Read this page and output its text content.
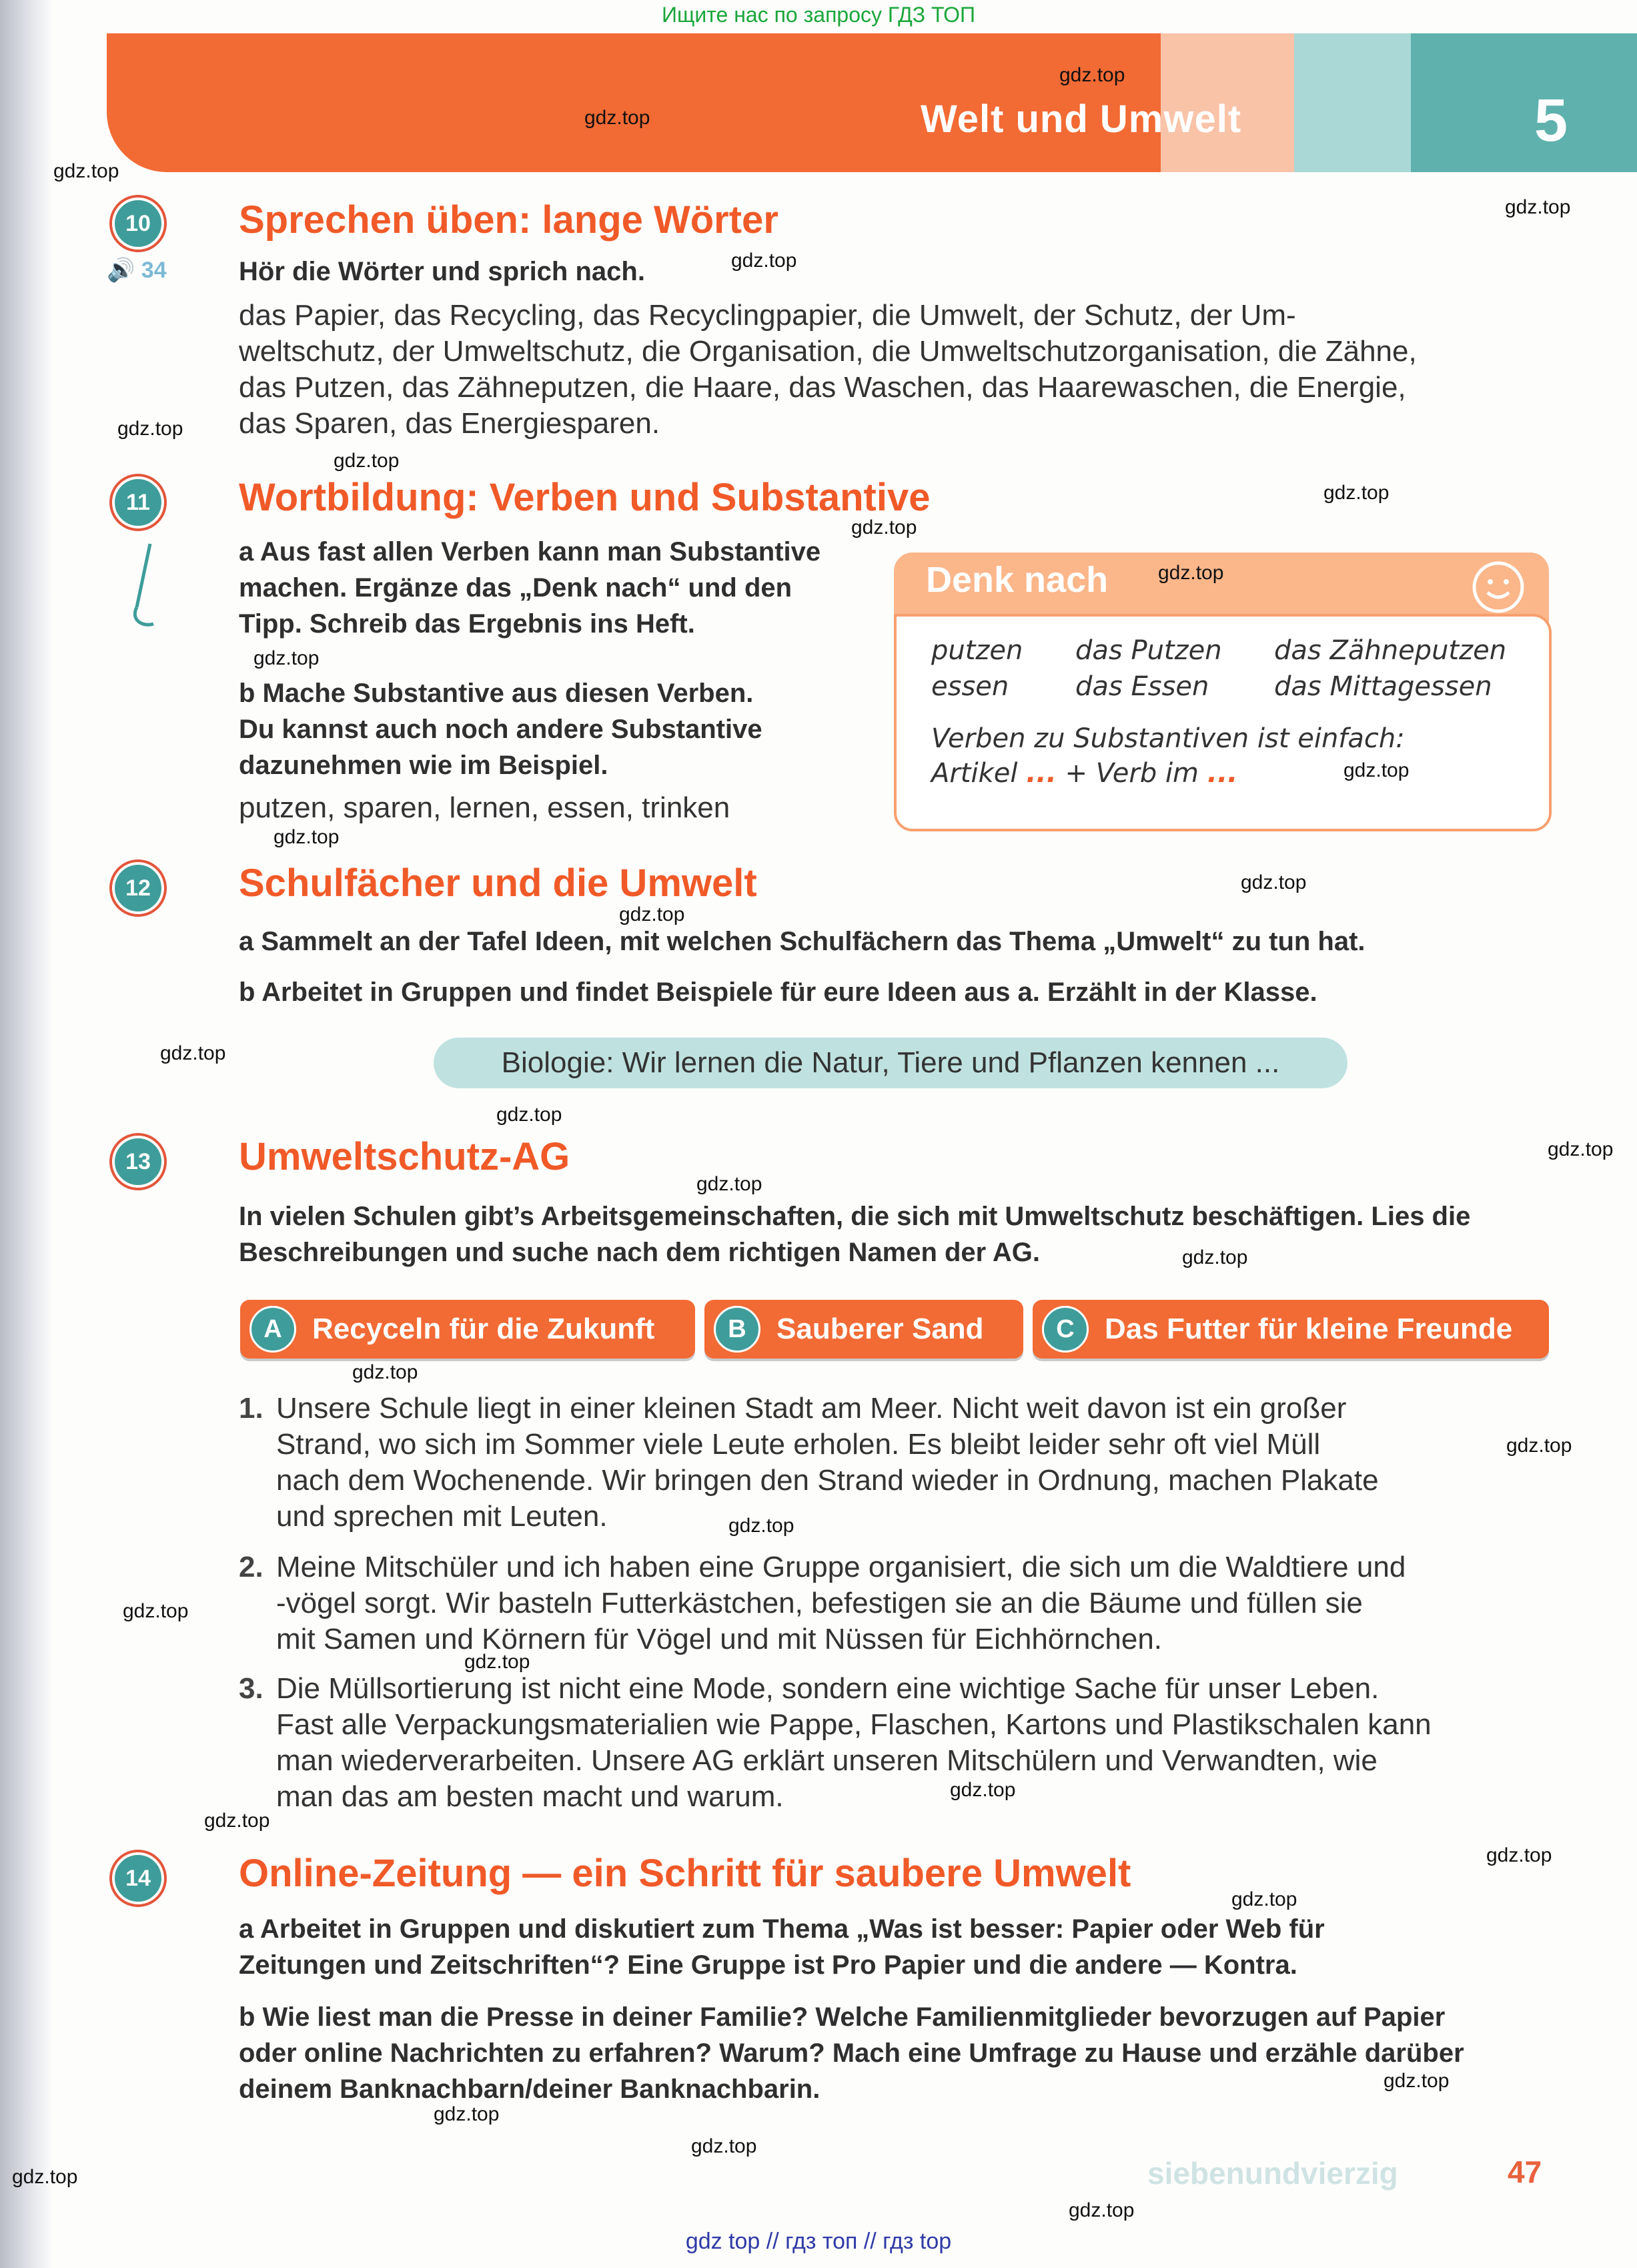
Ищите нас по запросу ГДЗ ТОП
Welt und Umwelt	5
10	Sprechen üben: lange Wörter
🔊 34	Hör die Wörter und sprich nach.
das Papier, das Recycling, das Recyclingpapier, die Umwelt, der Schutz, der Um-
weltschutz, der Umweltschutz, die Organisation, die Umweltschutzorganisation, die Zähne,
das Putzen, das Zähneputzen, die Haare, das Waschen, das Haarewaschen, die Energie,
das Sparen, das Energiesparen.
11	Wortbildung: Verben und Substantive
a Aus fast allen Verben kann man Substantive
machen. Ergänze das „Denk nach“ und den
Tipp. Schreib das Ergebnis ins Heft.
b Mache Substantive aus diesen Verben.
Du kannst auch noch andere Substantive
dazunehmen wie im Beispiel.
putzen, sparen, lernen, essen, trinken
Denk nach
putzen das Putzen das Zähneputzen
essen das Essen das Mittagessen
Verben zu Substantiven ist einfach:
Artikel ... + Verb im ...
12	Schulfächer und die Umwelt
a Sammelt an der Tafel Ideen, mit welchen Schulfächern das Thema „Umwelt“ zu tun hat.
b Arbeitet in Gruppen und findet Beispiele für eure Ideen aus a. Erzählt in der Klasse.
Biologie: Wir lernen die Natur, Tiere und Pflanzen kennen ...
13	Umweltschutz-AG
In vielen Schulen gibt’s Arbeitsgemeinschaften, die sich mit Umweltschutz beschäftigen. Lies die
Beschreibungen und suche nach dem richtigen Namen der AG.
A	Recyceln für die Zukunft	B	Sauberer Sand	C	Das Futter für kleine Freunde
1. Unsere Schule liegt in einer kleinen Stadt am Meer. Nicht weit davon ist ein großer
Strand, wo sich im Sommer viele Leute erholen. Es bleibt leider sehr oft viel Müll
nach dem Wochenende. Wir bringen den Strand wieder in Ordnung, machen Plakate
und sprechen mit Leuten.
2. Meine Mitschüler und ich haben eine Gruppe organisiert, die sich um die Waldtiere und
-vögel sorgt. Wir basteln Futterkästchen, befestigen sie an die Bäume und füllen sie
mit Samen und Körnern für Vögel und mit Nüssen für Eichhörnchen.
3. Die Müllsortierung ist nicht eine Mode, sondern eine wichtige Sache für unser Leben.
Fast alle Verpackungsmaterialien wie Pappe, Flaschen, Kartons und Plastikschalen kann
man wiederverarbeiten. Unsere AG erklärt unseren Mitschülern und Verwandten, wie
man das am besten macht und warum.
14	Online-Zeitung — ein Schritt für saubere Umwelt
a Arbeitet in Gruppen und diskutiert zum Thema „Was ist besser: Papier oder Web für
Zeitungen und Zeitschriften“? Eine Gruppe ist Pro Papier und die andere — Kontra.
b Wie liest man die Presse in deiner Familie? Welche Familienmitglieder bevorzugen auf Papier
oder online Nachrichten zu erfahren? Warum? Mach eine Umfrage zu Hause und erzähle darüber
deinem Banknachbarn/deiner Banknachbarin.
siebenundvierzig	47
gdz.top
gdz.top
gdz.top
gdz.top
gdz.top
gdz.top
gdz.top
gdz.top
gdz.top
gdz.top
gdz.top
gdz.top
gdz.top
gdz.top
gdz.top
gdz.top
gdz.top
gdz.top
gdz.top
gdz.top
gdz.top
gdz.top
gdz.top
gdz.top
gdz.top
gdz.top
gdz.top
gdz.top
gdz.top
gdz.top
gdz.top
gdz.top
gdz.top
gdz.top
gdz top // гдз топ // гдз top
